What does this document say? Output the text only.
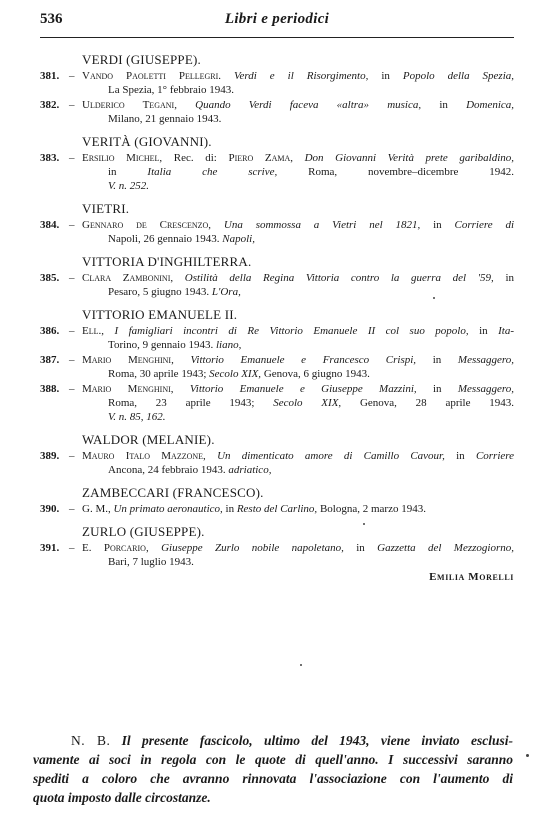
536	Libri e periodici
VERDI (GIUSEPPE).
381. – Vando Paoletti Pellegri. Verdi e il Risorgimento, in Popolo della Spezia,
La Spezia, 1° febbraio 1943.
382. – Ulderico Tegani, Quando Verdi faceva «altra» musica, in Domenica,
Milano, 21 gennaio 1943.
VERITÀ (GIOVANNI).
383. – Ersilio Michel, Rec. di: Piero Zama, Don Giovanni Verità prete garibaldino,
in	Italia che scrive,	Roma, novembre–dicembre 1942.
V. n. 252.
VIETRI.
384. – Gennaro de Crescenzo, Una sommossa a Vietri nel 1821, in Corriere di
Napoli, 26 gennaio 1943. Napoli,
VITTORIA D'INGHILTERRA.
385. – Clara Zambonini, Ostilità della Regina Vittoria contro la guerra del '59, in
Pesaro, 5 giugno 1943. L'Ora,
VITTORIO EMANUELE II.
386. – Ell., I famigliari incontri di Re Vittorio Emanuele II col suo popolo, in Ita-
Torino, 9 gennaio 1943. liano,
387. – Mario Menghini, Vittorio Emanuele e Francesco Crispi, in Messaggero,
Roma, 30 aprile 1943; Secolo XIX, Genova, 6 giugno 1943.
388. – Mario Menghini, Vittorio Emanuele e Giuseppe Mazzini, in Messaggero,
Roma, 23 aprile 1943; Secolo XIX, Genova, 28 aprile 1943.
V. n. 85, 162.
WALDOR (MELANIE).
389. – Mauro Italo Mazzone, Un dimenticato amore di Camillo Cavour, in Corriere
Ancona, 24 febbraio 1943. adriatico,
ZAMBECCARI (FRANCESCO).
390. – G. M., Un primato aeronautico, in Resto del Carlino, Bologna, 2 marzo 1943.
ZURLO (GIUSEPPE).
391. – E. Porcario, Giuseppe Zurlo nobile napoletano, in Gazzetta del Mezzogiorno,
Bari, 7 luglio 1943.
Emilia Morelli
N. B. Il presente fascicolo, ultimo del 1943, viene inviato esclusi-
vamente ai soci in regola con le quote di quell'anno. I successivi saranno
spediti a coloro che avranno rinnovata l'associazione con l'aumento di
quota imposto dalle circostanze.
